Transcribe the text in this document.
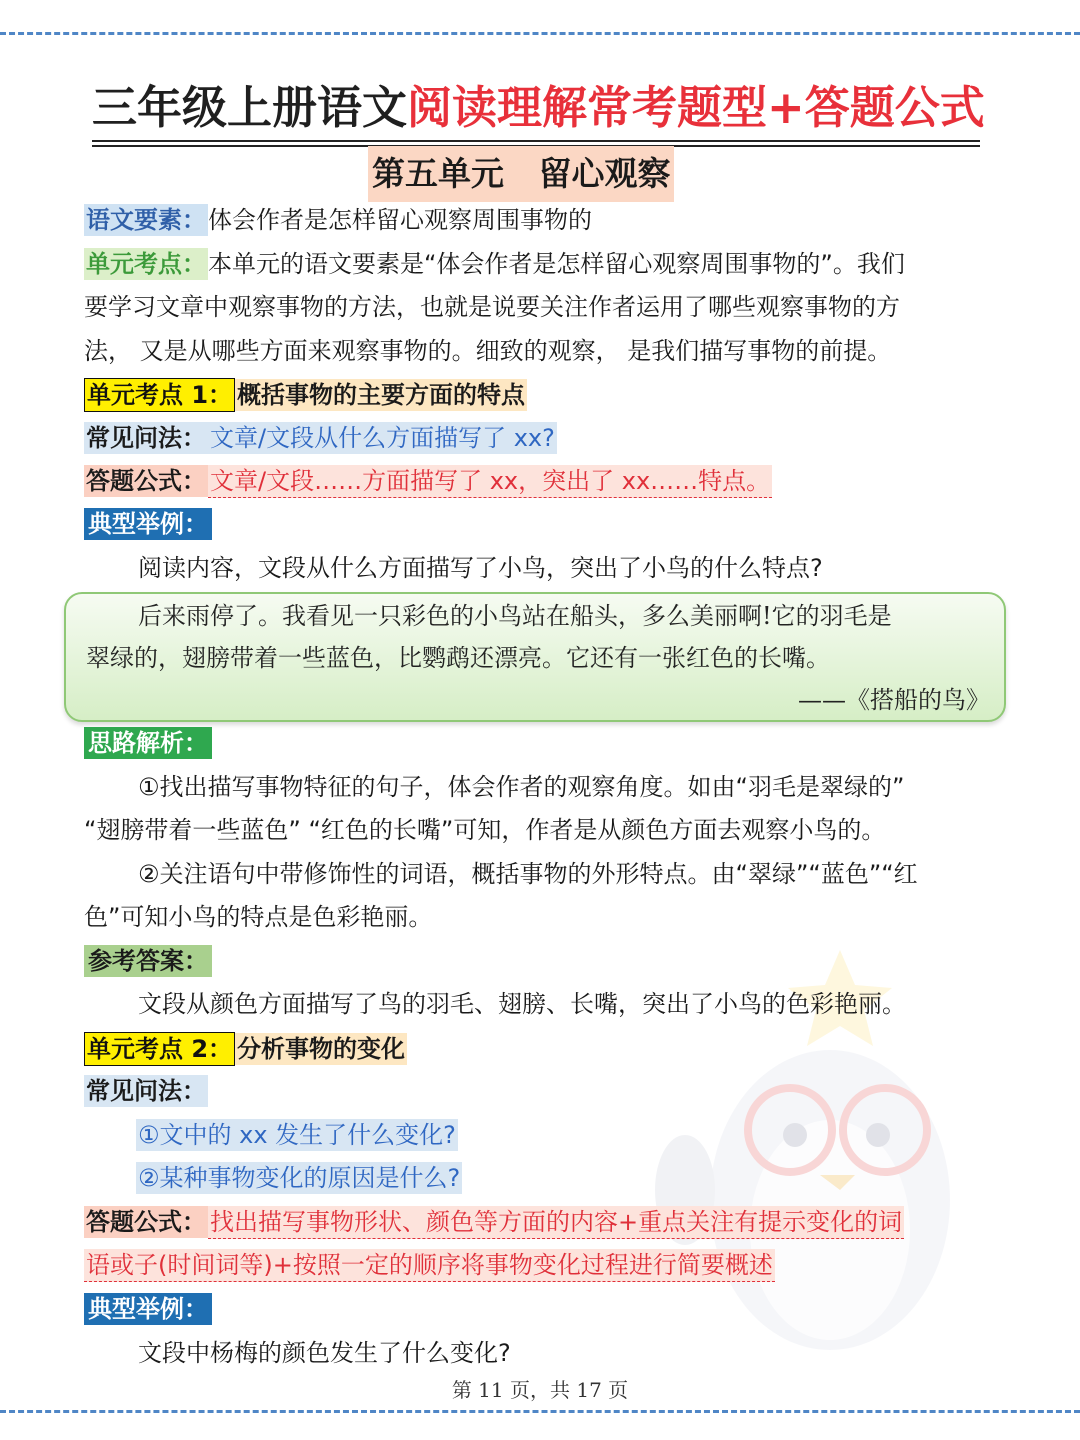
三年级上册语文阅读理解常考题型+答题公式
第五单元   留心观察
语文要素：体会作者是怎样留心观察周围事物的
单元考点：本单元的语文要素是“体会作者是怎样留心观察周围事物的”。我们
要学习文章中观察事物的方法，也就是说要关注作者运用了哪些观察事物的方
法， 又是从哪些方面来观察事物的。细致的观察， 是我们描写事物的前提。
单元考点 1： 概括事物的主要方面的特点
常见问法： 文章/文段从什么方面描写了 xx?
答题公式： 文章/文段……方面描写了 xx，突出了 xx……特点。
典型举例：
阅读内容，文段从什么方面描写了小鸟，突出了小鸟的什么特点?
后来雨停了。我看见一只彩色的小鸟站在船头，多么美丽啊!它的羽毛是
翠绿的，翅膀带着一些蓝色，比鹦鹉还漂亮。它还有一张红色的长嘴。
——《搭船的鸟》
思路解析：
①找出描写事物特征的句子，体会作者的观察角度。如由“羽毛是翠绿的”
“翅膀带着一些蓝色” “红色的长嘴”可知，作者是从颜色方面去观察小鸟的。
②关注语句中带修饰性的词语，概括事物的外形特点。由“翠绿”“蓝色”“红
色”可知小鸟的特点是色彩艳丽。
参考答案：
文段从颜色方面描写了鸟的羽毛、翅膀、长嘴，突出了小鸟的色彩艳丽。
单元考点 2： 分析事物的变化
常见问法：
①文中的 xx 发生了什么变化?
②某种事物变化的原因是什么?
答题公式： 找出描写事物形状、颜色等方面的内容+重点关注有提示变化的词
语或子(时间词等)+按照一定的顺序将事物变化过程进行简要概述
典型举例：
文段中杨梅的颜色发生了什么变化?
第 11 页，共 17 页
